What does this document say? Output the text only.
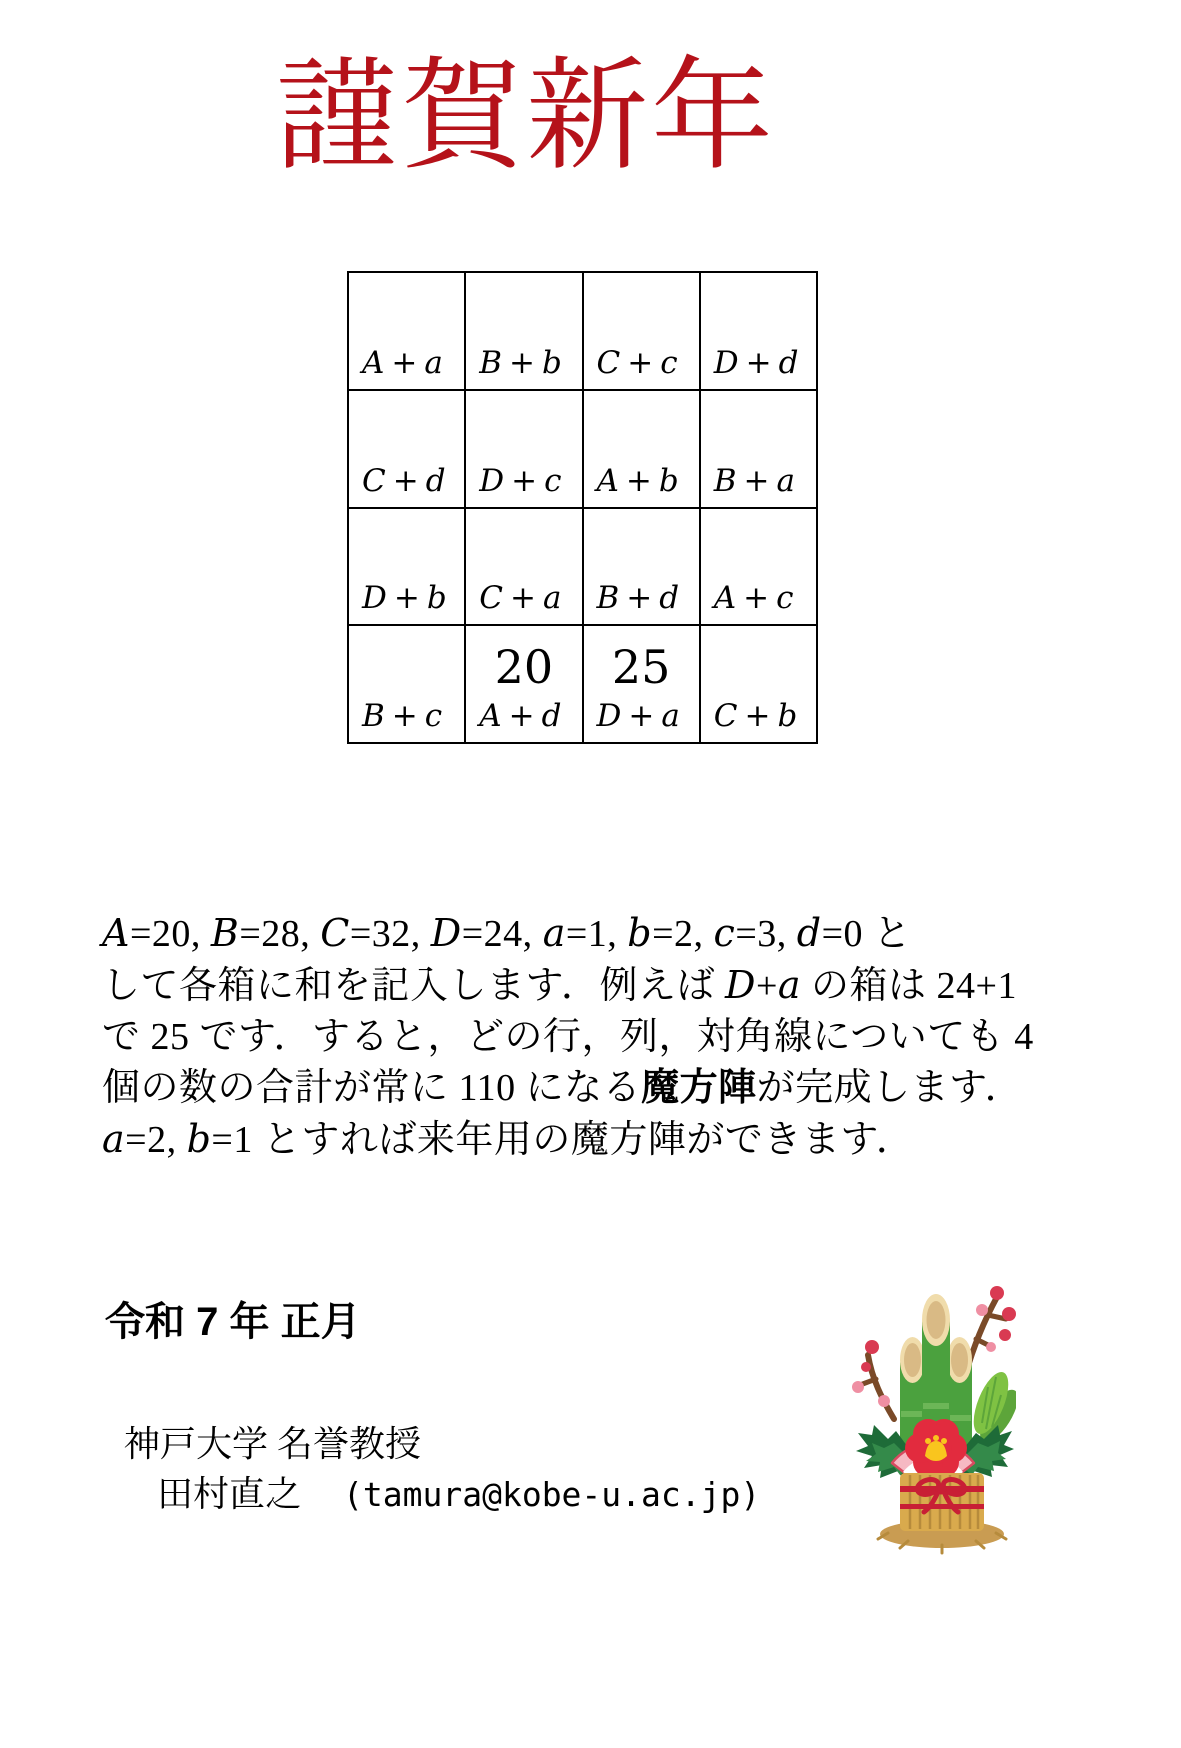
謹賀新年
A + a B + b C + c D + d
C + d D + c A + b B + a
D + b C + a B + d A + c
B + c
20
A + d
25
D + a C + b

A=20, B=28, C=32, D=24, a=1, b=2, c=3, d=0 と
して各箱に和を記入します．例えば D+a の箱は 24+1
で 25 です．すると，どの行，列，対角線についても 4
個の数の合計が常に 110 になる魔方陣が完成します．
a=2, b=1 とすれば来年用の魔方陣ができます．

令和 7 年 正月
神戸大学 名誉教授
田村直之 (tamura@kobe-u.ac.jp)
